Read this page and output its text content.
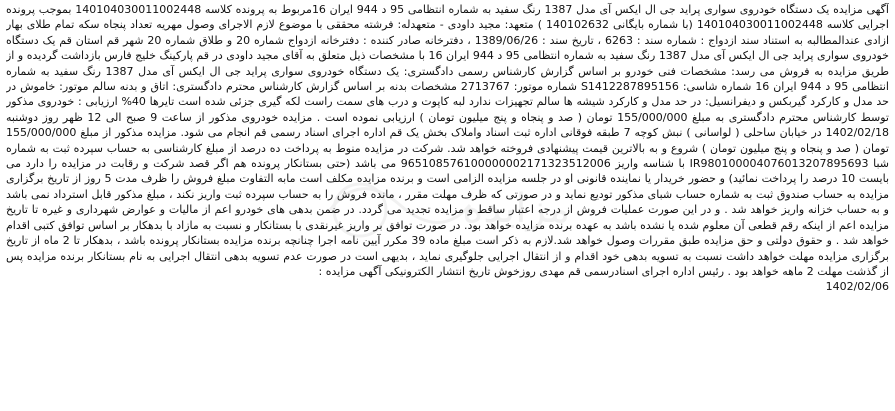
آگهی مزایده یک دستگاه خودروی سواری پراید جی ال ایکس آی مدل 1387 رنگ سفید به شماره انتظامی 95 د 944 ایران 16مربوط به پرونده کلاسه 140104030011002448 بموجب پرونده اجرایی کلاسه 140104030011002448 (با شماره بایگانی 140102632 ) متعهد: مجید داودی - متعهدله: فرشته محققی با موضوع لازم الاجرای وصول مهریه تعداد پنجاه سکه تمام طلای بهار ازادی عندالمطالبه به استناد سند ازدواج : شماره سند : 6263 ، تاریخ سند : 1389/06/26 ، دفترخانه صادر کننده : دفترخانه ازدواج شماره 20 و طلاق شماره 20 شهر قم استان قم یک دستگاه خودروی سواری پراید جی ال ایکس آی مدل 1387 رنگ سفید به شماره انتظامی 95 د 944 ایران 16 با مشخصات ذیل متعلق به آقای مجید داودی در قم پارکینگ خلیج فارس بازداشت گردیده و از طریق مزایده به فروش می رسد: مشخصات فنی خودرو بر اساس گزارش کارشناس رسمی دادگستری: یک دستگاه خودروی سواری پراید جی ال ایکس آی مدل 1387 رنگ سفید به شماره انتظامی 95 د 944 ایران 16 شماره شاسی: S1412287895156 شماره موتور: 2713767 مشخصات بدنه بر اساس گزارش کارشناس محترم دادگستری: اتاق و بدنه سالم موتور: خاموش در حد مدل و کارکرد گیربکس و دیفرانسیل: در حد مدل و کارکرد شیشه ها سالم تجهیزات ندارد لبه کاپوت و درب های سمت راست لکه گیری جزئی شده است تایرها 40% ارزیابی : خودروی مذکور توسط کارشناس محترم دادگستری به مبلغ 155/000/000 تومان ( صد و پنجاه و پنج میلیون تومان ) ارزیابی نموده است . مزایده خودروی مذکور از ساعت 9 صبح الی 12 ظهر روز دوشنبه 1402/02/18 در خیابان ساحلی ( لواسانی ) نبش کوچه 7 طبقه فوقانی اداره ثبت اسناد واملاک بخش یک قم اداره اجرای اسناد رسمی قم انجام می شود. مزایده مذکور از مبلغ 155/000/000 تومان ( صد و پنجاه و پنج میلیون تومان ) شروع و به بالاترین قیمت پیشنهادی فروخته خواهد شد. شرکت در مزایده منوط به پرداخت ده درصد از مبلغ کارشناسی به حساب سپرده ثبت به شماره شبا IR980100004076013207895693 با شناسه واریز 965108576100000002171323512006 می باشد (حتی بستانکار پرونده هم اگر قصد شرکت و رقابت در مزایده را دارد می بایست 10 درصد را پرداخت نمائید) و حضور خریدار یا نماینده قانونی او در جلسه مزایده الزامی است و برنده مزایده مکلف است مابه التفاوت مبلغ فروش را ظرف مدت 5 روز از تاریخ برگزاری مزایده به حساب صندوق ثبت به شماره حساب شبای مذکور تودیع نماید و در صورتی که ظرف مهلت مقرر ، مانده فروش را به حساب سپرده ثبت واریز نکند ، مبلغ مذکور قابل استرداد نمی باشد و به حساب خزانه واریز خواهد شد . و در این صورت عملیات فروش از درجه اعتبار ساقط و مزایده تجدید می گردد. در ضمن بدهی های خودرو اعم از مالیات و عوارض شهرداری و غیره تا تاریخ مزایده اعم از اینکه رقم قطعی آن معلوم شده یا نشده باشد به عهده برنده مزایده خواهد بود. در صورت توافق بر واریز غیرنقدی با بستانکار و نسبت به مازاد با بدهکار بر اساس توافق کتبی اقدام خواهد شد . و حقوق دولتی و حق مزایده طبق مقررات وصول خواهد شد.لازم به ذکر است مبلغ ماده 39 مکرر آیین نامه اجرا چنانچه برنده مزایده بستانکار پرونده باشد ، بدهکار تا 2 ماه از تاریخ برگزاری مزایده مهلت خواهد داشت نسبت به تسویه بدهی خود اقدام و از انتقال اجرایی جلوگیری نماید ، بدیهی است در صورت عدم تسویه بدهی انتقال اجرایی به نام بستانکار برنده مزایده پس از گذشت مهلت 2 ماهه خواهد بود . رئیس اداره اجرای اسنادرسمی قم مهدی روزخوش تاریخ انتشار الکترونیکی آگهی مزایده :

1402/02/06

مزایده
